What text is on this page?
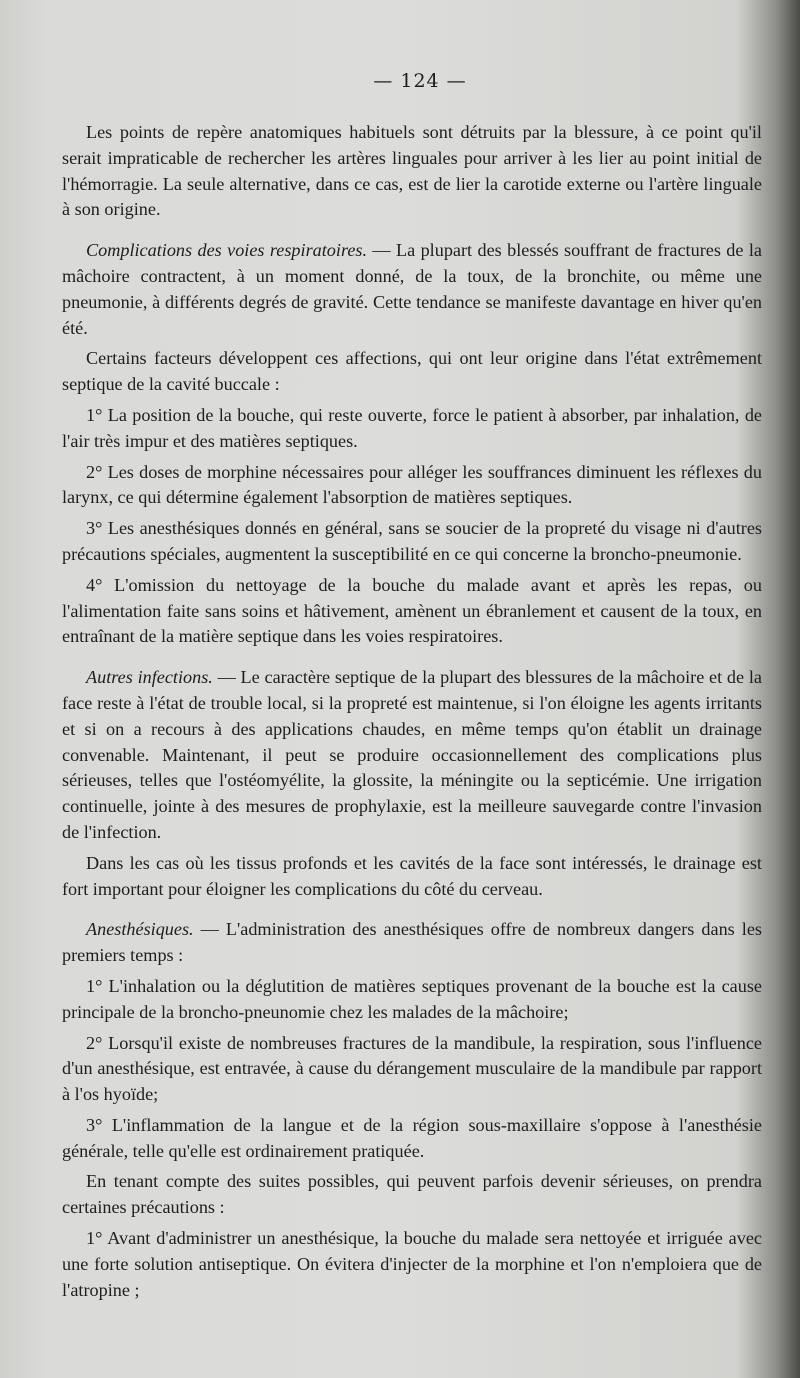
— 124 —

Les points de repère anatomiques habituels sont détruits par la blessure, à ce point qu'il serait impraticable de rechercher les artères linguales pour arriver à les lier au point initial de l'hémorragie. La seule alternative, dans ce cas, est de lier la carotide externe ou l'artère linguale à son origine.

Complications des voies respiratoires. — La plupart des blessés souffrant de fractures de la mâchoire contractent, à un moment donné, de la toux, de la bronchite, ou même une pneumonie, à différents degrés de gravité. Cette tendance se manifeste davantage en hiver qu'en été.

Certains facteurs développent ces affections, qui ont leur origine dans l'état extrêmement septique de la cavité buccale :

1° La position de la bouche, qui reste ouverte, force le patient à absorber, par inhalation, de l'air très impur et des matières septiques.

2° Les doses de morphine nécessaires pour alléger les souffrances diminuent les réflexes du larynx, ce qui détermine également l'absorption de matières septiques.

3° Les anesthésiques donnés en général, sans se soucier de la propreté du visage ni d'autres précautions spéciales, augmentent la susceptibilité en ce qui concerne la broncho-pneumonie.

4° L'omission du nettoyage de la bouche du malade avant et après les repas, ou l'alimentation faite sans soins et hâtivement, amènent un ébranlement et causent de la toux, en entraînant de la matière septique dans les voies respiratoires.

Autres infections. — Le caractère septique de la plupart des blessures de la mâchoire et de la face reste à l'état de trouble local, si la propreté est maintenue, si l'on éloigne les agents irritants et si on a recours à des applications chaudes, en même temps qu'on établit un drainage convenable. Maintenant, il peut se produire occasionnellement des complications plus sérieuses, telles que l'ostéomyélite, la glossite, la méningite ou la septicémie. Une irrigation continuelle, jointe à des mesures de prophylaxie, est la meilleure sauvegarde contre l'invasion de l'infection.

Dans les cas où les tissus profonds et les cavités de la face sont intéressés, le drainage est fort important pour éloigner les complications du côté du cerveau.

Anesthésiques. — L'administration des anesthésiques offre de nombreux dangers dans les premiers temps :

1° L'inhalation ou la déglutition de matières septiques provenant de la bouche est la cause principale de la broncho-pneunomie chez les malades de la mâchoire;

2° Lorsqu'il existe de nombreuses fractures de la mandibule, la respiration, sous l'influence d'un anesthésique, est entravée, à cause du dérangement musculaire de la mandibule par rapport à l'os hyoïde;

3° L'inflammation de la langue et de la région sous-maxillaire s'oppose à l'anesthésie générale, telle qu'elle est ordinairement pratiquée.

En tenant compte des suites possibles, qui peuvent parfois devenir sérieuses, on prendra certaines précautions :

1° Avant d'administrer un anesthésique, la bouche du malade sera nettoyée et irriguée avec une forte solution antiseptique. On évitera d'injecter de la morphine et l'on n'emploiera que de l'atropine ;
